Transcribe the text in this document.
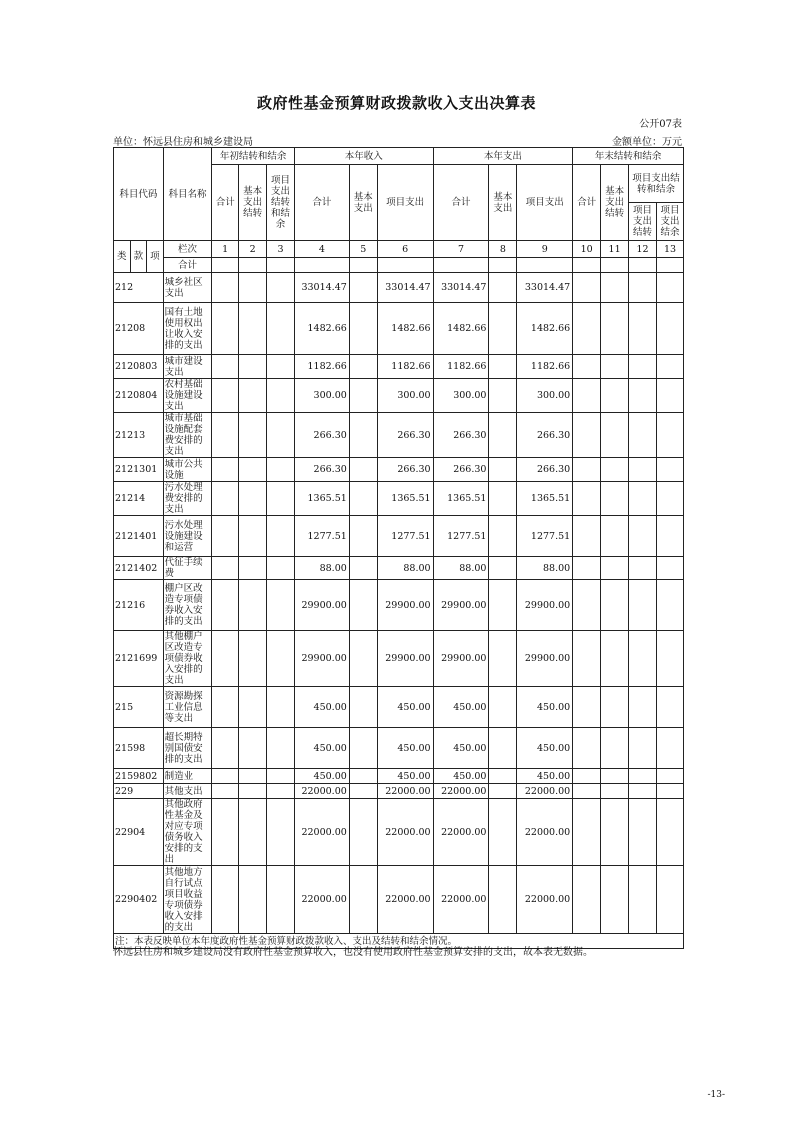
政府性基金预算财政拨款收入支出决算表
公开07表
单位：怀远县住房和城乡建设局	金额单位：万元
科目代码			科目名称	年初结转和结余			本年收入			本年支出			年末结转和结余			
				合计	基本支出结转	项目支出结转和结余	合计	基本支出	项目支出	合计	基本支出	项目支出	合计	基本支出结转	项目支出结转和结余	
															项目支出结转	项目支出结余
类	款	项	栏次	1	2	3	4	5	6	7	8	9	10	11	12	13
			合计													
212			城乡社区支出				33014.47		33014.47	33014.47		33014.47				
21208			国有土地使用权出让收入安排的支出				1482.66		1482.66	1482.66		1482.66				
2120803			城市建设支出				1182.66		1182.66	1182.66		1182.66				
2120804			农村基础设施建设支出				300.00		300.00	300.00		300.00				
21213			城市基础设施配套费安排的支出				266.30		266.30	266.30		266.30				
2121301			城市公共设施				266.30		266.30	266.30		266.30				
21214			污水处理费安排的支出				1365.51		1365.51	1365.51		1365.51				
2121401			污水处理设施建设和运营				1277.51		1277.51	1277.51		1277.51				
2121402			代征手续费				88.00		88.00	88.00		88.00				
21216			棚户区改造专项债券收入安排的支出				29900.00		29900.00	29900.00		29900.00				
2121699			其他棚户区改造专项债券收入安排的支出				29900.00		29900.00	29900.00		29900.00				
215			资源勘探工业信息等支出				450.00		450.00	450.00		450.00				
21598			超长期特别国债安排的支出				450.00		450.00	450.00		450.00				
2159802			制造业				450.00		450.00	450.00		450.00				
229			其他支出				22000.00		22000.00	22000.00		22000.00				
22904			其他政府性基金及对应专项债务收入安排的支出				22000.00		22000.00	22000.00		22000.00				
2290402			其他地方自行试点项目收益专项债券收入安排的支出				22000.00		22000.00	22000.00		22000.00				
注：本表反映单位本年度政府性基金预算财政拨款收入、支出及结转和结余情况。																
怀远县住房和城乡建设局没有政府性基金预算收入，也没有使用政府性基金预算安排的支出，故本表无数据。
-13-
